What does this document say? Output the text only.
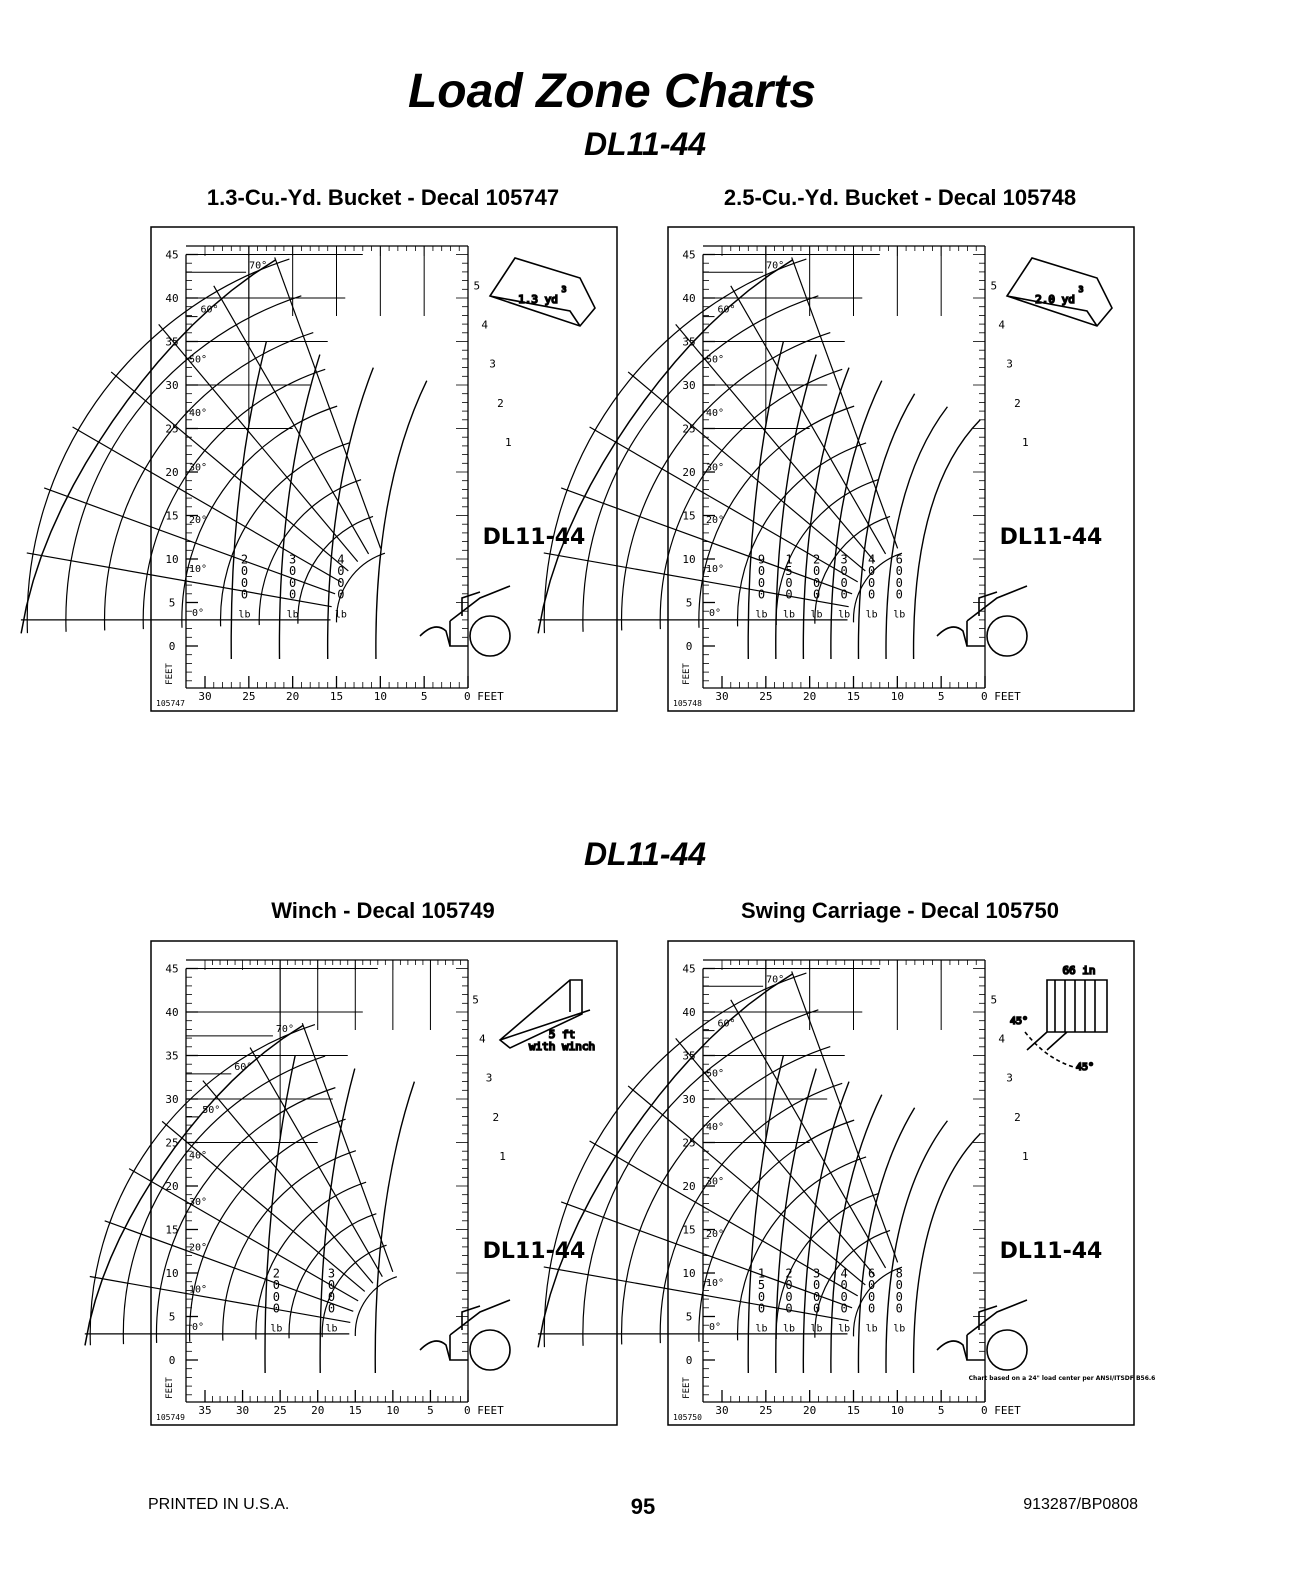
Load Zone Charts
DL11-44
1.3-Cu.-Yd. Bucket - Decal 105747	2.5-Cu.-Yd. Bucket - Decal 105748
45
40
35
30
25
20
15
10
5
0
FEET
30	25	20	15	10	5	0 FEET
70°
60°
50°
40°
30°
20°
10°
0°
5
4
3
2
1
2
0
0
0
lb
3
0
0
0
lb
4
0
0
0
lb
DL11-44
105747
1.3 yd
3
45
40
35
30
25
20
15
10
5
0
FEET
30	25	20	15	10	5	0 FEET
70°
60°
50°
40°
30°
20°
10°
0°
5
4
3
2
1
9
0
0
0
lb
1
5
0
0
lb
2
0
0
0
lb
3
0
0
0
lb
4
0
0
0
lb
6
0
0
0
lb
DL11-44
105748
2.0 yd
3
DL11-44
Winch - Decal 105749	Swing Carriage - Decal 105750
45
40
35
30
25
20
15
10
5
0
FEET
35 30 25 20 15 10	5	0 FEET
70°
60°
50°
40°
30°
20°
10°
0°
5
4
3
2
1
2
0
0
0
lb
3
0
0
0
lb
DL11-44
105749
5 ft
with winch
45
40
35
30
25
20
15
10
5
0
FEET
30	25	20	15	10	5	0 FEET
70°
60°
50°
40°
30°
20°
10°
0°
5
4
3
2
1
1
5
0
0
lb
2
0
0
0
lb
3
0
0
0
lb
4
0
0
0
lb
6
0
0
0
lb
8
0
0
0
lb
DL11-44
105750
66 in
45°
45°
Chart based on a 24" load center per ANSI/ITSDF B56.6
PRINTED IN U.S.A.	95	913287/BP0808
